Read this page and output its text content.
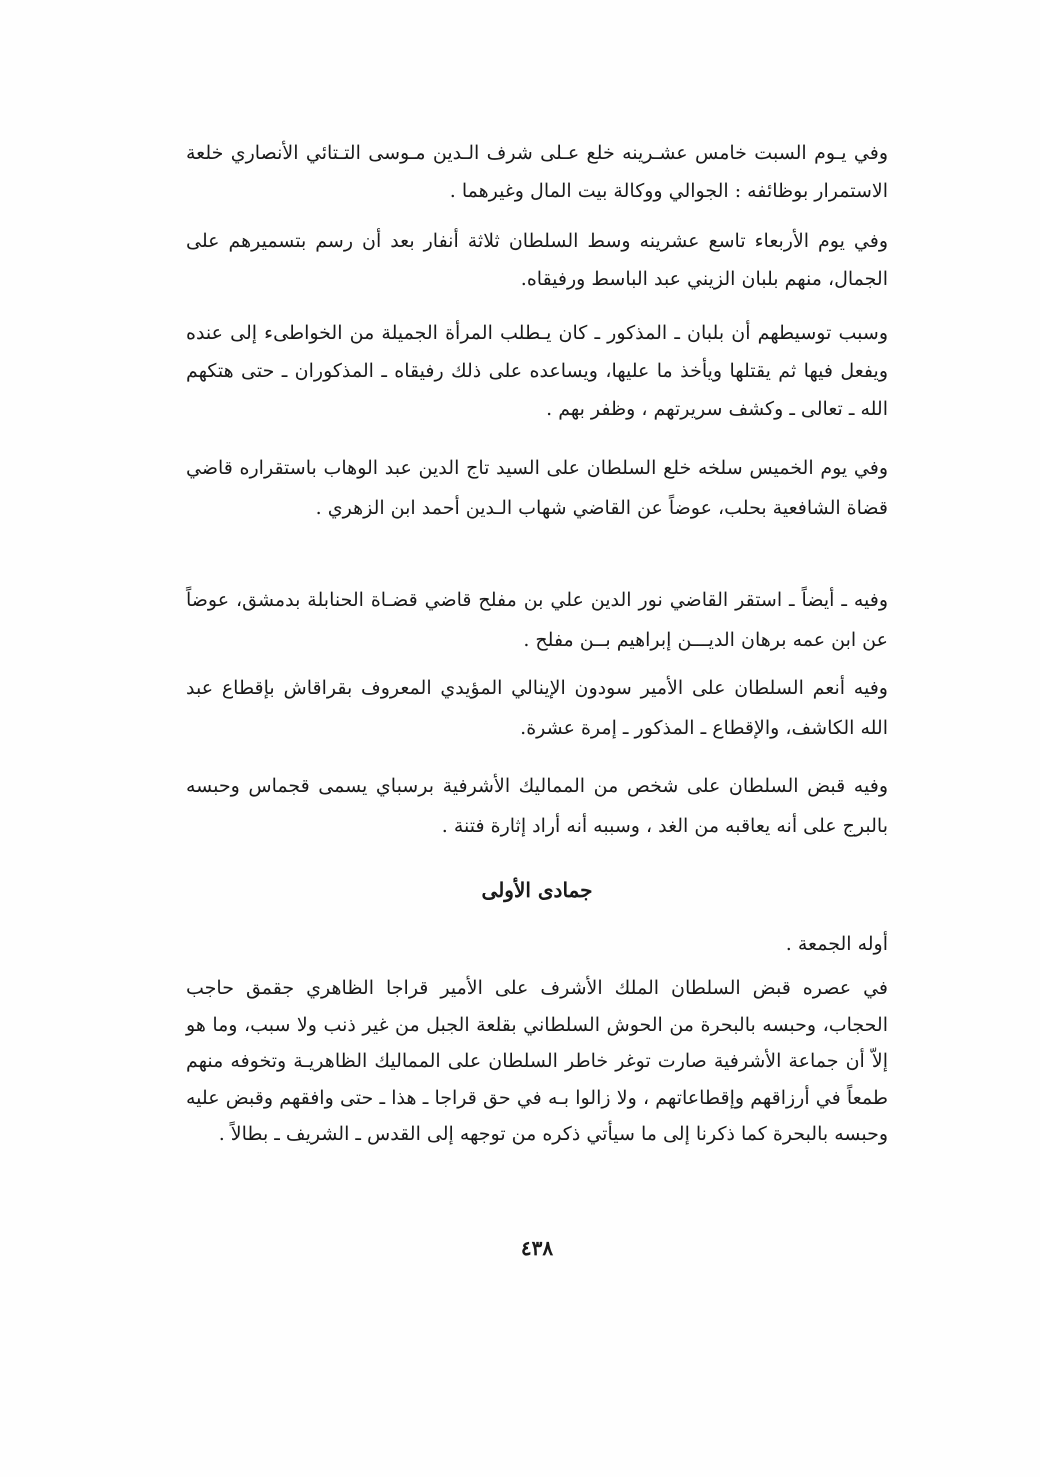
وفي يـوم السبت خامس عشـرينه خلع عـلى شرف الـدين مـوسى التـتائي الأنصاري خلعة الاستمرار بوظائفه : الجوالي ووكالة بيت المال وغيرهما .

وفي يوم الأربعاء تاسع عشرينه وسط السلطان ثلاثة أنفار بعد أن رسم بتسميرهم على الجمال، منهم بلبان الزيني عبد الباسط ورفيقاه.

وسبب توسيطهم أن بلبان ـ المذكور ـ كان يـطلب المرأة الجميلة من الخواطىء إلى عنده ويفعل فيها ثم يقتلها ويأخذ ما عليها، ويساعده على ذلك رفيقاه ـ المذكوران ـ حتى هتكهم الله ـ تعالى ـ وكشف سريرتهم ، وظفر بهم .

وفي يوم الخميس سلخه خلع السلطان على السيد تاج الدين عبد الوهاب باستقراره قاضي قضاة الشافعية بحلب، عوضاً عن القاضي شهاب الـدين أحمد ابن الزهري .

وفيه ـ أيضاً ـ استقر القاضي نور الدين علي بن مفلح قاضي قضـاة الحنابلة بدمشق، عوضاً عن ابن عمه برهان الديـــن إبراهيم بــن مفلح .

وفيه أنعم السلطان على الأمير سودون الإينالي المؤيدي المعروف بقراقاش بإقطاع عبد الله الكاشف، والإقطاع ـ المذكور ـ إمرة عشرة.

وفيه قبض السلطان على شخص من المماليك الأشرفية برسباي يسمى قجماس وحبسه بالبرج على أنه يعاقبه من الغد ، وسببه أنه أراد إثارة فتنة .

جمادى الأولى

أوله الجمعة .

في عصره قبض السلطان الملك الأشرف على الأمير قراجا الظاهري جقمق حاجب الحجاب، وحبسه بالبحرة من الحوش السلطاني بقلعة الجبل من غير ذنب ولا سبب، وما هو إلاّ أن جماعة الأشرفية صارت توغر خاطر السلطان على المماليك الظاهريـة وتخوفه منهم طمعاً في أرزاقهم وإقطاعاتهم ، ولا زالوا بـه في حق قراجا ـ هذا ـ حتى وافقهم وقبض عليه وحبسه بالبحرة كما ذكرنا إلى ما سيأتي ذكره من توجهه إلى القدس ـ الشريف ـ بطالاً .

٤٣٨
